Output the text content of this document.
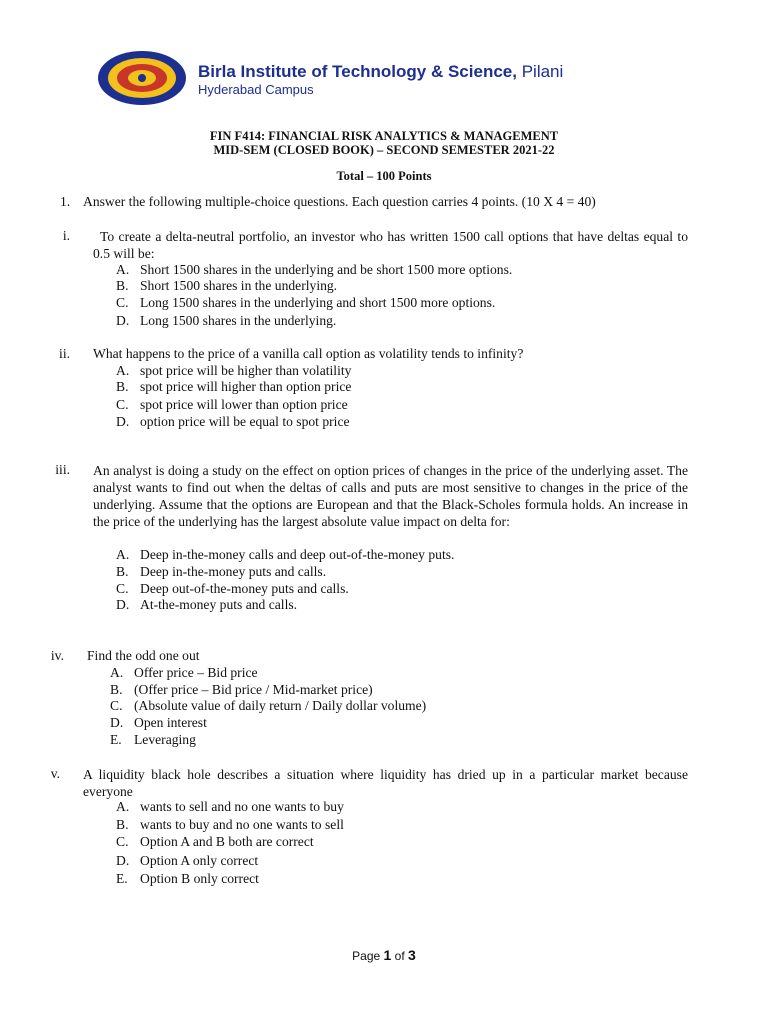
Birla Institute of Technology & Science, Pilani
Hyderabad Campus
FIN F414: FINANCIAL RISK ANALYTICS & MANAGEMENT
MID-SEM (CLOSED BOOK) – SECOND SEMESTER 2021-22
Total – 100 Points
1. Answer the following multiple-choice questions. Each question carries 4 points. (10 X 4 = 40)
i.	To create a delta-neutral portfolio, an investor who has written 1500 call options that have deltas equal to 0.5 will be:
A. Short 1500 shares in the underlying and be short 1500 more options.
B. Short 1500 shares in the underlying.
C. Long 1500 shares in the underlying and short 1500 more options.
D. Long 1500 shares in the underlying.
ii. What happens to the price of a vanilla call option as volatility tends to infinity?
A. spot price will be higher than volatility
B. spot price will higher than option price
C. spot price will lower than option price
D. option price will be equal to spot price
iii. An analyst is doing a study on the effect on option prices of changes in the price of the underlying asset. The analyst wants to find out when the deltas of calls and puts are most sensitive to changes in the price of the underlying. Assume that the options are European and that the Black-Scholes formula holds. An increase in the price of the underlying has the largest absolute value impact on delta for:
A. Deep in-the-money calls and deep out-of-the-money puts.
B. Deep in-the-money puts and calls.
C. Deep out-of-the-money puts and calls.
D. At-the-money puts and calls.
iv. Find the odd one out
A. Offer price – Bid price
B. (Offer price – Bid price / Mid-market price)
C. (Absolute value of daily return / Daily dollar volume)
D. Open interest
E. Leveraging
v. A liquidity black hole describes a situation where liquidity has dried up in a particular market because everyone
A. wants to sell and no one wants to buy
B. wants to buy and no one wants to sell
C. Option A and B both are correct
D. Option A only correct
E. Option B only correct
Page 1 of 3
